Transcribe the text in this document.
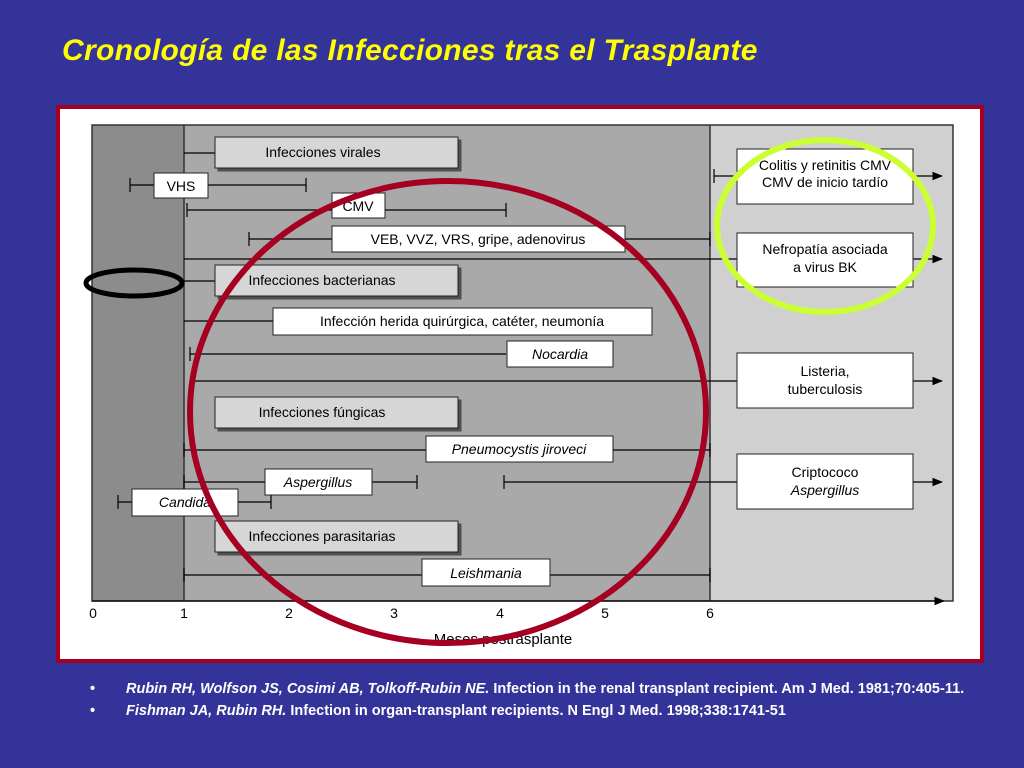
Cronología de las Infecciones tras el Trasplante
Infecciones virales
Infecciones bacterianas
Infecciones fúngicas
Infecciones parasitarias
VHS
CMV
VEB, VVZ, VRS, gripe, adenovirus
Infección herida quirúrgica, catéter, neumonía
Nocardia
Pneumocystis jiroveci
Aspergillus
Candida
Leishmania
Colitis y retinitis CMV
CMV de inicio tardío
Nefropatía asociada
a virus BK
Listeria,
tuberculosis
Criptococo
Aspergillus
0	1	2	3	4	5	6
Meses postrasplante
• Rubin RH, Wolfson JS, Cosimi AB, Tolkoff-Rubin NE. Infection in the renal transplant recipient. Am J Med. 1981;70:405-11.
• Fishman JA, Rubin RH. Infection in organ-transplant recipients. N Engl J Med. 1998;338:1741-51
